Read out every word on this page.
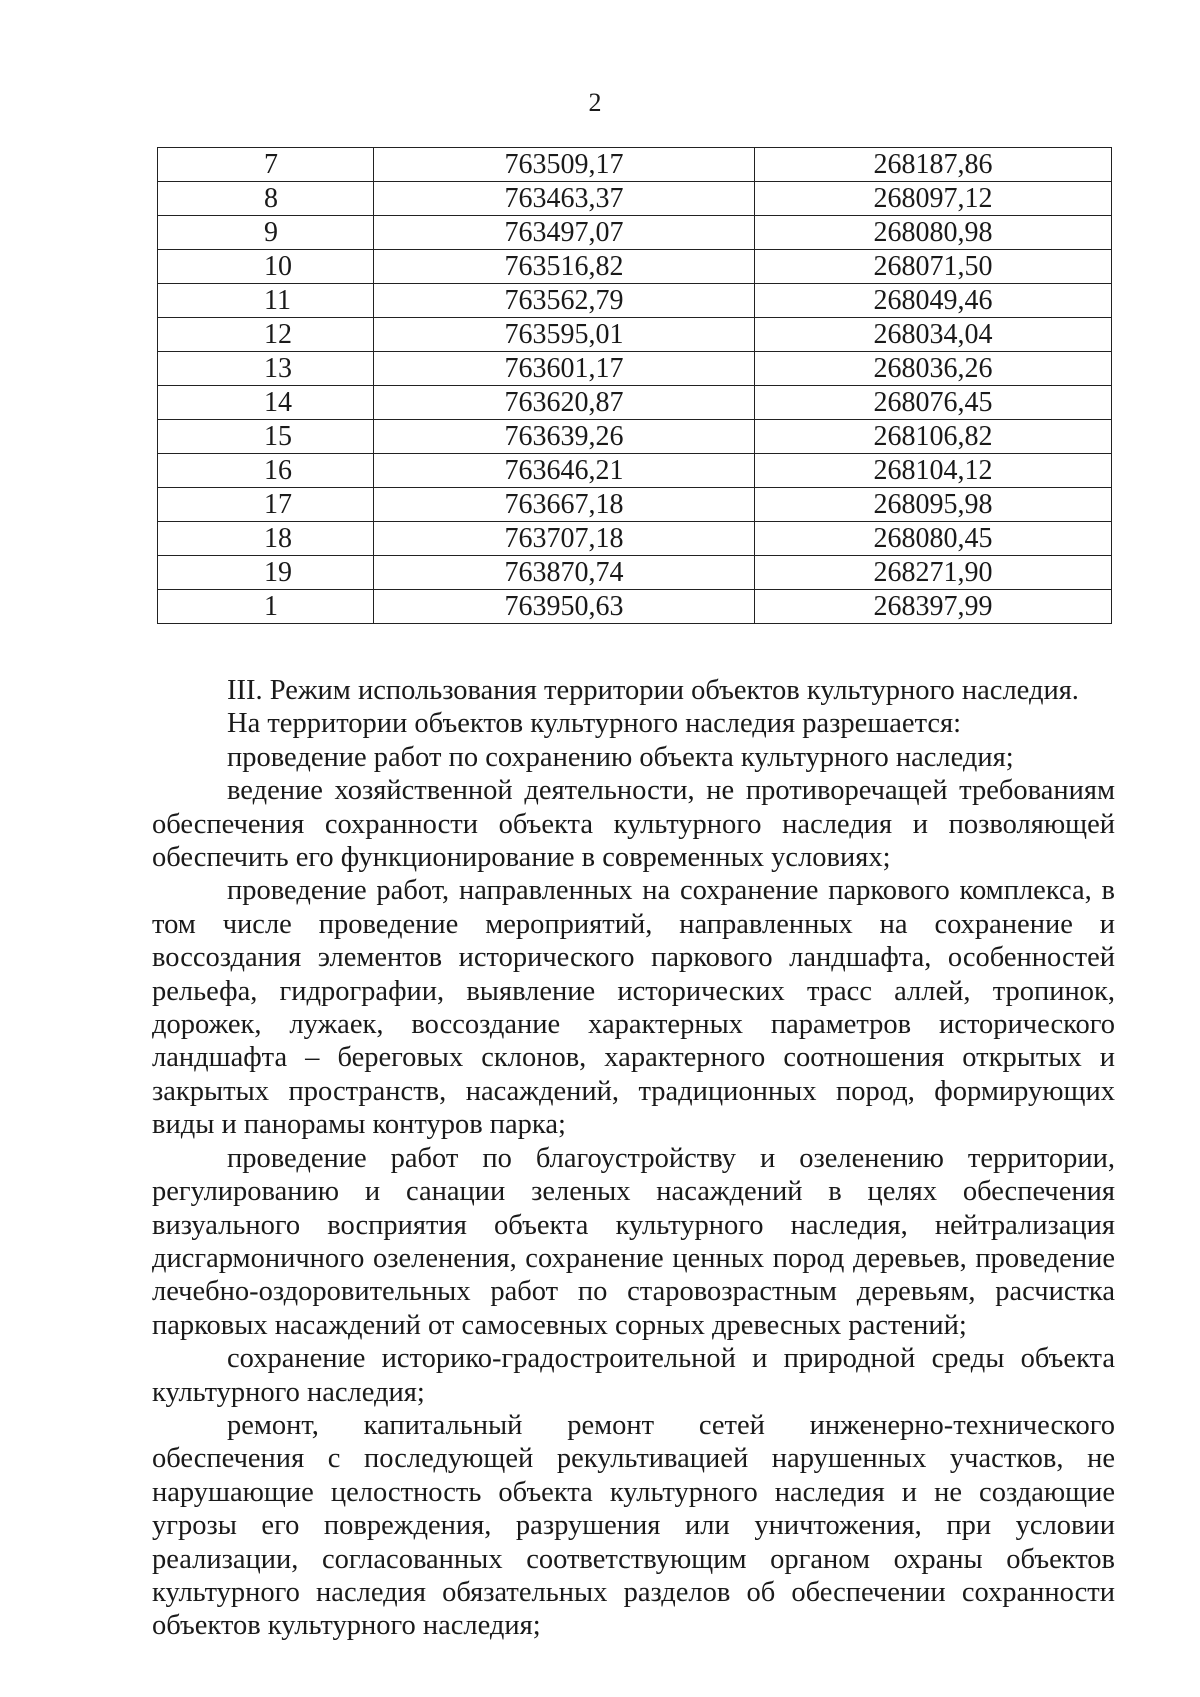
2
7	763509,17	268187,86
8	763463,37	268097,12
9	763497,07	268080,98
10	763516,82	268071,50
11	763562,79	268049,46
12	763595,01	268034,04
13	763601,17	268036,26
14	763620,87	268076,45
15	763639,26	268106,82
16	763646,21	268104,12
17	763667,18	268095,98
18	763707,18	268080,45
19	763870,74	268271,90
1	763950,63	268397,99

III. Режим использования территории объектов культурного наследия.

На территории объектов культурного наследия разрешается:

проведение работ по сохранению объекта культурного наследия;

ведение хозяйственной деятельности, не противоречащей требованиям обеспечения сохранности объекта культурного наследия и позволяющей обеспечить его функционирование в современных условиях;

проведение работ, направленных на сохранение паркового комплекса, в том числе проведение мероприятий, направленных на сохранение и воссоздания элементов исторического паркового ландшафта, особенностей рельефа, гидрографии, выявление исторических трасс аллей, тропинок, дорожек, лужаек, воссоздание характерных параметров исторического ландшафта – береговых склонов, характерного соотношения открытых и закрытых пространств, насаждений, традиционных пород, формирующих виды и панорамы контуров парка;

проведение работ по благоустройству и озеленению территории, регулированию и санации зеленых насаждений в целях обеспечения визуального восприятия объекта культурного наследия, нейтрализация дисгармоничного озеленения, сохранение ценных пород деревьев, проведение лечебно-оздоровительных работ по старовозрастным деревьям, расчистка парковых насаждений от самосевных сорных древесных растений;

сохранение историко-градостроительной и природной среды объекта культурного наследия;

ремонт, капитальный ремонт сетей инженерно-технического обеспечения с последующей рекультивацией нарушенных участков, не нарушающие целостность объекта культурного наследия и не создающие угрозы его повреждения, разрушения или уничтожения, при условии реализации, согласованных соответствующим органом охраны объектов культурного наследия обязательных разделов об обеспечении сохранности объектов культурного наследия;
